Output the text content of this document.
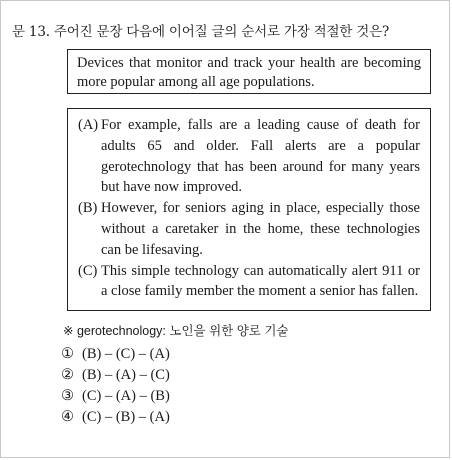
문 13. 주어진 문장 다음에 이어질 글의 순서로 가장 적절한 것은?
Devices that monitor and track your health are becoming more popular among all age populations.
(A) For example, falls are a leading cause of death for adults 65 and older. Fall alerts are a popular gerotechnology that has been around for many years but have now improved.
(B) However, for seniors aging in place, especially those without a caretaker in the home, these technologies can be lifesaving.
(C) This simple technology can automatically alert 911 or a close family member the moment a senior has fallen.
※ gerotechnology: 노인을 위한 양로 기술
① (B) – (C) – (A)
② (B) – (A) – (C)
③ (C) – (A) – (B)
④ (C) – (B) – (A)
